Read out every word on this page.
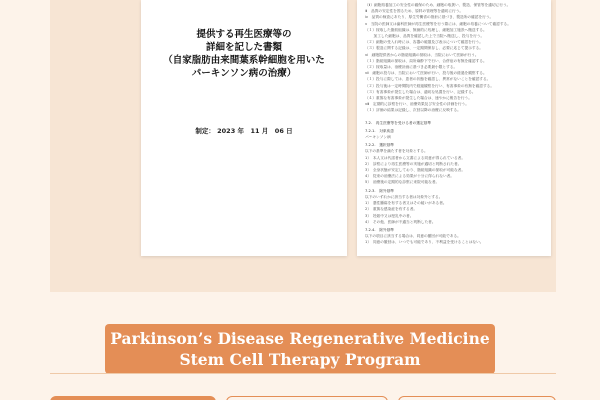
提供する再生医療等の
詳細を記した書類
（自家脂肪由来間葉系幹細胞を用いた
パーキンソン病の治療）
制定： 2023 年　11 月　06 日
（ⅱ）細胞培養加工の安全性の確保のため、細胞の取扱い、製造、保管等を適切に行う。
ⅲ　品質の安定性を図るため、原料の管理等を適切に行う。
ⅳ　品質の検査にあたり、厚生労働省の指針に基づき、製造所の確認を行う。
ⅴ　当院の医師又は歯科医師が再生医療等を行う際には、細胞の培養について確認する。
（１）採取した脂肪組織は、無菌的に処理し、細胞加工施設へ搬送する。
　　 加工した細胞は、品質を確認した上で当院へ搬送し、投与を行う。
（２）細胞の受入れ時には、容器の破損及び表示について確認を行う。
（３）製造に関する記録は、一定期間保存し、必要に応じて提示する。
ⅵ　細胞提供者からの脂肪組織の採取は、当院において医師が行う。
（１）脂肪組織の採取は、局所麻酔下で行い、合併症の有無を確認する。
（２）採取量は、治療計画に基づき必要最小限とする。
ⅶ　細胞の投与は、当院において医師が行い、投与後の経過を観察する。
（１）投与に際しては、患者の状態を確認し、異常がないことを確認する。
（２）投与後は一定時間院内で経過観察を行い、有害事象の有無を確認する。
（３）有害事象が発生した場合は、適切な処置を行い、記録する。
（４）重篤な有害事象が発生した場合は、速やかに報告を行う。
ⅷ　定期的に診察を行い、治療効果及び安全性の評価を行う。
（１）評価の結果は記録し、次回以降の治療に反映する。
7.2.　再生医療等を受ける者の選定基準
7.2.1.　対象疾患
パーキンソン病
7.2.2.　選択基準
以下の基準を満たす者を対象とする。
1）　本人又は代諾者から文書による同意が得られている者。
2）　診察により再生医療等の実施が適切と判断された者。
3）　全身状態が安定しており、脂肪組織の採取が可能な者。
4）　従来の治療法による効果が十分に得られない者。
5）　治療後の定期的な診察に来院可能な者。
7.2.3.　除外基準
以下のいずれかに該当する者は対象外とする。
1）　悪性腫瘍を有する者又はその疑いがある者。
2）　重篤な感染症を有する者。
3）　妊娠中又は授乳中の者。
4）　その他、医師が不適当と判断した者。
7.2.4.　除外基準
以下の項目に該当する場合は、同意の撤回が可能である。
1）　同意の撤回は、いつでも可能であり、不利益を受けることはない。
Parkinson’s Disease Regenerative Medicine
Stem Cell Therapy Program
